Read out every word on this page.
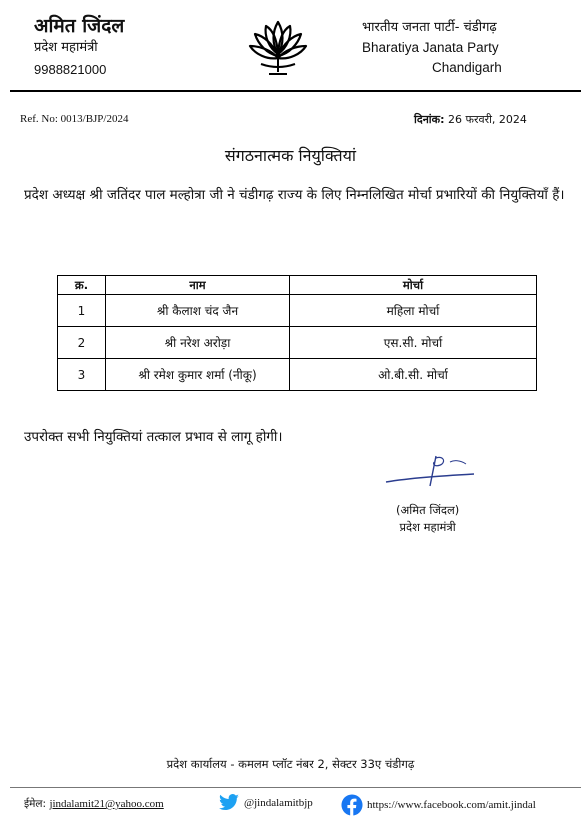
अमित जिंदल
प्रदेश महामंत्री
9988821000
भारतीय जनता पार्टी- चंडीगढ़
Bharatiya Janata Party
Chandigarh
Ref. No: 0013/BJP/2024	दिनांक: 26 फरवरी, 2024
संगठनात्मक नियुक्तियां
प्रदेश अध्यक्ष श्री जतिंदर पाल मल्होत्रा जी ने चंडीगढ़ राज्य के लिए निम्नलिखित मोर्चा प्रभारियों की नियुक्तियाँ हैं।
क्र.	नाम	मोर्चा
1	श्री कैलाश चंद जैन	महिला मोर्चा
2	श्री नरेश अरोड़ा	एस.सी. मोर्चा
3	श्री रमेश कुमार शर्मा (नीकू)	ओ.बी.सी. मोर्चा
उपरोक्त सभी नियुक्तियां तत्काल प्रभाव से लागू होगी।
(अमित जिंदल)
प्रदेश महामंत्री
प्रदेश कार्यालय - कमलम प्लॉट नंबर 2, सेक्टर 33ए चंडीगढ़
ईमेल: jindalamit21@yahoo.com	@jindalamitbjp	https://www.facebook.com/amit.jindal
